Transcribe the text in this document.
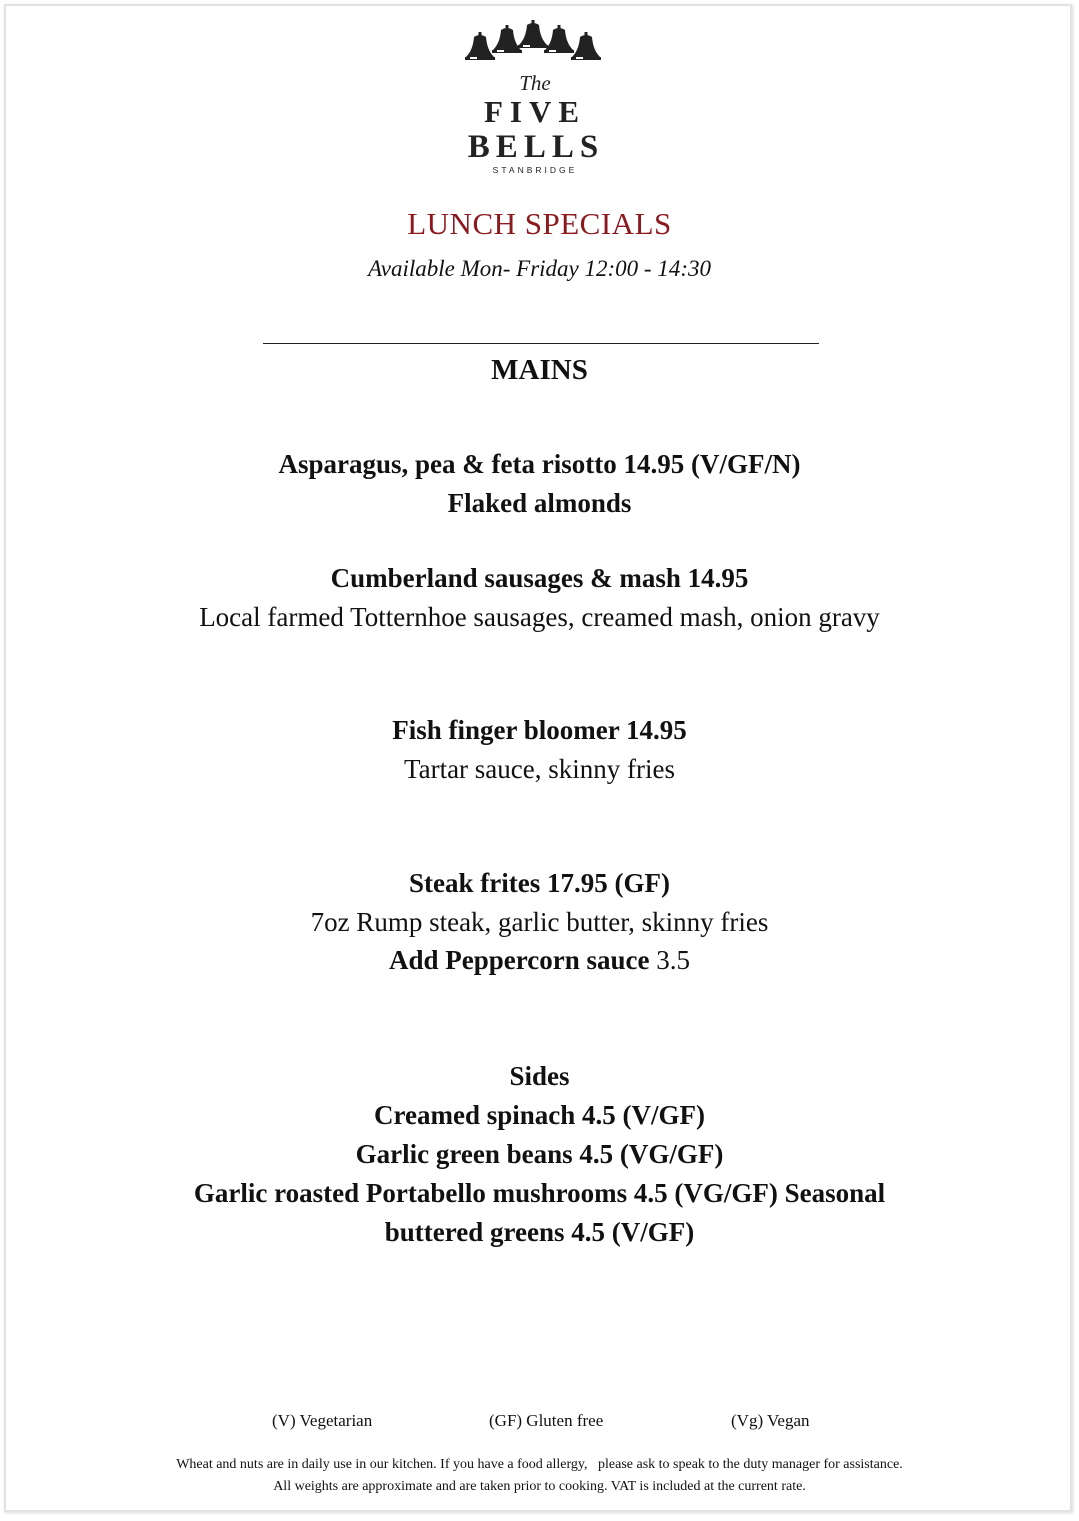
The
FIVE
BELLS
STANBRIDGE
LUNCH SPECIALS
Available Mon- Friday 12:00 - 14:30
MAINS
Asparagus, pea & feta risotto 14.95 (V/GF/N)
Flaked almonds
Cumberland sausages & mash 14.95
Local farmed Totternhoe sausages, creamed mash, onion gravy
Fish finger bloomer 14.95
Tartar sauce, skinny fries
Steak frites 17.95 (GF)
7oz Rump steak, garlic butter, skinny fries
Add Peppercorn sauce 3.5
Sides
Creamed spinach 4.5 (V/GF)
Garlic green beans 4.5 (VG/GF)
Garlic roasted Portabello mushrooms 4.5 (VG/GF) Seasonal
buttered greens 4.5 (V/GF)
(V) Vegetarian	(GF) Gluten free	(Vg) Vegan
Wheat and nuts are in daily use in our kitchen. If you have a food allergy,   please ask to speak to the duty manager for assistance.
All weights are approximate and are taken prior to cooking. VAT is included at the current rate.
